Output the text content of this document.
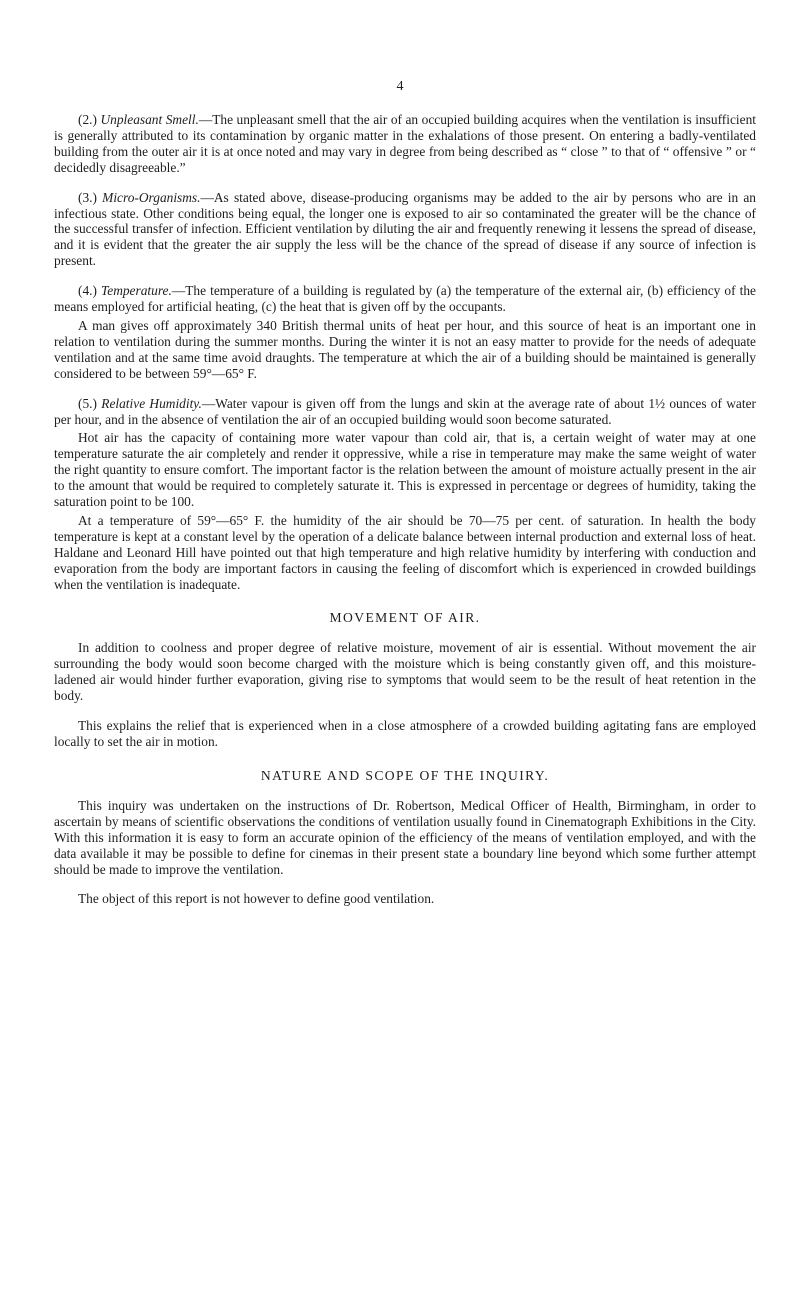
4

(2.) Unpleasant Smell.—The unpleasant smell that the air of an occupied building acquires when the ventilation is insufficient is generally attributed to its contamination by organic matter in the exhalations of those present. On entering a badly-ventilated building from the outer air it is at once noted and may vary in degree from being described as “ close ” to that of “ offensive ” or “ decidedly disagreeable.”

(3.) Micro-Organisms.—As stated above, disease-producing organisms may be added to the air by persons who are in an infectious state. Other conditions being equal, the longer one is exposed to air so contaminated the greater will be the chance of the successful transfer of infection. Efficient ventilation by diluting the air and frequently renewing it lessens the spread of disease, and it is evident that the greater the air supply the less will be the chance of the spread of disease if any source of infection is present.

(4.) Temperature.—The temperature of a building is regulated by (a) the temperature of the external air, (b) efficiency of the means employed for artificial heating, (c) the heat that is given off by the occupants.

A man gives off approximately 340 British thermal units of heat per hour, and this source of heat is an important one in relation to ventilation during the summer months. During the winter it is not an easy matter to provide for the needs of adequate ventilation and at the same time avoid draughts. The temperature at which the air of a building should be maintained is generally considered to be between 59°—65° F.

(5.) Relative Humidity.—Water vapour is given off from the lungs and skin at the average rate of about 1½ ounces of water per hour, and in the absence of ventilation the air of an occupied building would soon become saturated.

Hot air has the capacity of containing more water vapour than cold air, that is, a certain weight of water may at one temperature saturate the air completely and render it oppressive, while a rise in temperature may make the same weight of water the right quantity to ensure comfort. The important factor is the relation between the amount of moisture actually present in the air to the amount that would be required to completely saturate it. This is expressed in percentage or degrees of humidity, taking the saturation point to be 100.

At a temperature of 59°—65° F. the humidity of the air should be 70—75 per cent. of saturation. In health the body temperature is kept at a constant level by the operation of a delicate balance between internal production and external loss of heat. Haldane and Leonard Hill have pointed out that high temperature and high relative humidity by interfering with conduction and evaporation from the body are important factors in causing the feeling of discomfort which is experienced in crowded buildings when the ventilation is inadequate.

MOVEMENT OF AIR.

In addition to coolness and proper degree of relative moisture, movement of air is essential. Without movement the air surrounding the body would soon become charged with the moisture which is being constantly given off, and this moisture-ladened air would hinder further evaporation, giving rise to symptoms that would seem to be the result of heat retention in the body.

This explains the relief that is experienced when in a close atmosphere of a crowded building agitating fans are employed locally to set the air in motion.

NATURE AND SCOPE OF THE INQUIRY.

This inquiry was undertaken on the instructions of Dr. Robertson, Medical Officer of Health, Birmingham, in order to ascertain by means of scientific observations the conditions of ventilation usually found in Cinematograph Exhibitions in the City. With this information it is easy to form an accurate opinion of the efficiency of the means of ventilation employed, and with the data available it may be possible to define for cinemas in their present state a boundary line beyond which some further attempt should be made to improve the ventilation.

The object of this report is not however to define good ventilation.
